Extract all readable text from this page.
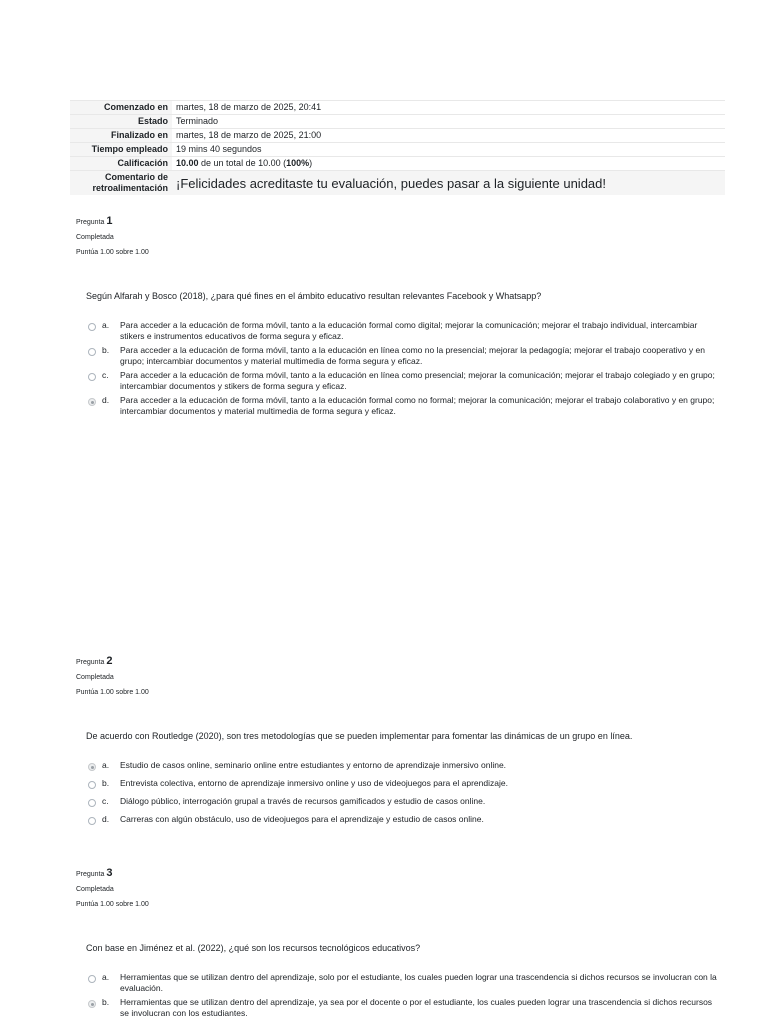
Comenzado en	martes, 18 de marzo de 2025, 20:41
Estado	Terminado
Finalizado en	martes, 18 de marzo de 2025, 21:00
Tiempo empleado	19 mins 40 segundos
Calificación	10.00 de un total de 10.00 (100%)
Comentario de
retroalimentación	¡Felicidades acreditaste tu evaluación, puedes pasar a la siguiente unidad!
Pregunta 1
Completada
Puntúa 1.00 sobre 1.00
Según Alfarah y Bosco (2018), ¿para qué fines en el ámbito educativo resultan relevantes Facebook y Whatsapp?
a.	Para acceder a la educación de forma móvil, tanto a la educación formal como digital; mejorar la comunicación; mejorar el trabajo individual, intercambiar stikers e instrumentos educativos de forma segura y eficaz.
b.	Para acceder a la educación de forma móvil, tanto a la educación en línea como no la presencial; mejorar la pedagogía; mejorar el trabajo cooperativo y en grupo; intercambiar documentos y material multimedia de forma segura y eficaz.
c.	Para acceder a la educación de forma móvil, tanto a la educación en línea como presencial; mejorar la comunicación; mejorar el trabajo colegiado y en grupo; intercambiar documentos y stikers de forma segura y eficaz.
d.	Para acceder a la educación de forma móvil, tanto a la educación formal como no formal; mejorar la comunicación; mejorar el trabajo colaborativo y en grupo; intercambiar documentos y material multimedia de forma segura y eficaz.
Pregunta 2
Completada
Puntúa 1.00 sobre 1.00
De acuerdo con Routledge (2020), son tres metodologías que se pueden implementar para fomentar las dinámicas de un grupo en línea.
a.	Estudio de casos online, seminario online entre estudiantes y entorno de aprendizaje inmersivo online.
b.	Entrevista colectiva, entorno de aprendizaje inmersivo online y uso de videojuegos para el aprendizaje.
c.	Diálogo público, interrogación grupal a través de recursos gamificados y estudio de casos online.
d.	Carreras con algún obstáculo, uso de videojuegos para el aprendizaje y estudio de casos online.
Pregunta 3
Completada
Puntúa 1.00 sobre 1.00
Con base en Jiménez et al. (2022), ¿qué son los recursos tecnológicos educativos?
a.	Herramientas que se utilizan dentro del aprendizaje, solo por el estudiante, los cuales pueden lograr una trascendencia si dichos recursos se involucran con la evaluación.
b.	Herramientas que se utilizan dentro del aprendizaje, ya sea por el docente o por el estudiante, los cuales pueden lograr una trascendencia si dichos recursos se involucran con los estudiantes.
